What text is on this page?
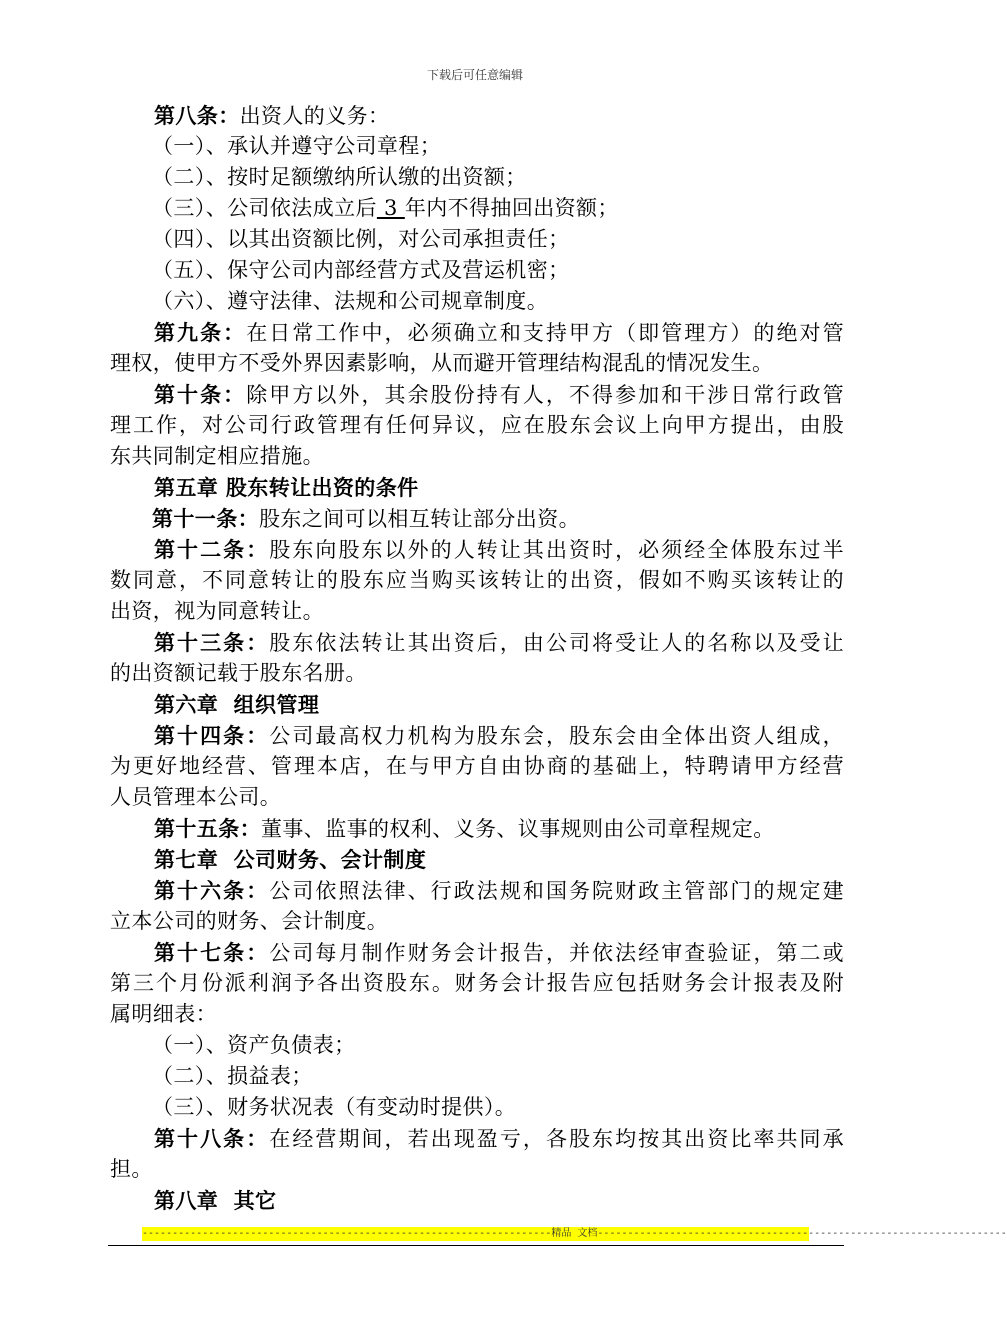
下载后可任意编辑
第八条：出资人的义务：
（一）、承认并遵守公司章程；
（二）、按时足额缴纳所认缴的出资额；
（三）、公司依法成立后 3 年内不得抽回出资额；
（四）、以其出资额比例，对公司承担责任；
（五）、保守公司内部经营方式及营运机密；
（六）、遵守法律、法规和公司规章制度。
第九条：在日常工作中，必须确立和支持甲方（即管理方）的绝对管
理权，使甲方不受外界因素影响，从而避开管理结构混乱的情况发生。
第十条：除甲方以外，其余股份持有人，不得参加和干涉日常行政管
理工作，对公司行政管理有任何异议，应在股东会议上向甲方提出，由股
东共同制定相应措施。
第五章 股东转让出资的条件
第十一条：股东之间可以相互转让部分出资。
第十二条：股东向股东以外的人转让其出资时，必须经全体股东过半
数同意，不同意转让的股东应当购买该转让的出资，假如不购买该转让的
出资，视为同意转让。
第十三条：股东依法转让其出资后，由公司将受让人的名称以及受让
的出资额记载于股东名册。
第六章  组织管理
第十四条：公司最高权力机构为股东会，股东会由全体出资人组成，
为更好地经营、管理本店，在与甲方自由协商的基础上，特聘请甲方经营
人员管理本公司。
第十五条：董事、监事的权利、义务、议事规则由公司章程规定。
第七章  公司财务、会计制度
第十六条：公司依照法律、行政法规和国务院财政主管部门的规定建
立本公司的财务、会计制度。
第十七条：公司每月制作财务会计报告，并依法经审查验证，第二或
第三个月份派利润予各出资股东。财务会计报告应包括财务会计报表及附
属明细表：
（一）、资产负债表；
（二）、损益表；
（三）、财务状况表（有变动时提供）。
第十八条：在经营期间，若出现盈亏，各股东均按其出资比率共同承
担。
第八章  其它
--------------------------------------------------------------------精品 文档--------------------------------------------------------------------
